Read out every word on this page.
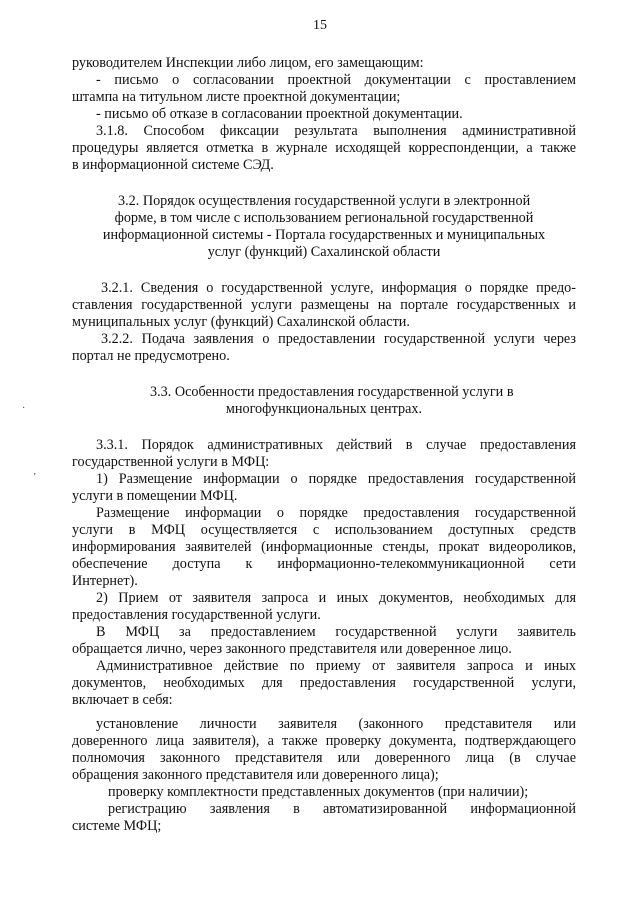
15
руководителем Инспекции либо лицом, его замещающим:
- письмо о согласовании проектной документации с проставлением
штампа на титульном листе проектной документации;
- письмо об отказе в согласовании проектной документации.
3.1.8. Способом фиксации результата выполнения административной
процедуры является отметка в журнале исходящей корреспонденции, а также
в информационной системе СЭД.
3.2. Порядок осуществления государственной услуги в электронной
форме, в том числе с использованием региональной государственной
информационной системы - Портала государственных и муниципальных
услуг (функций) Сахалинской области
3.2.1. Сведения о государственной услуге, информация о порядке предо-
ставления государственной услуги размещены на портале государственных и
муниципальных услуг (функций) Сахалинской области.
3.2.2. Подача заявления о предоставлении государственной услуги через
портал не предусмотрено.
3.3. Особенности предоставления государственной услуги в
многофункциональных центрах.
3.3.1. Порядок административных действий в случае предоставления
государственной услуги в МФЦ:
1) Размещение информации о порядке предоставления государственной
услуги в помещении МФЦ.
Размещение информации о порядке предоставления государственной
услуги в МФЦ осуществляется с использованием доступных средств
информирования заявителей (информационные стенды, прокат видеороликов,
обеспечение доступа к информационно-телекоммуникационной сети
Интернет).
2) Прием от заявителя запроса и иных документов, необходимых для
предоставления государственной услуги.
В МФЦ за предоставлением государственной услуги заявитель
обращается лично, через законного представителя или доверенное лицо.
Административное действие по приему от заявителя запроса и иных
документов, необходимых для предоставления государственной услуги,
включает в себя:
установление личности заявителя (законного представителя или
доверенного лица заявителя), а также проверку документа, подтверждающего
полномочия законного представителя или доверенного лица (в случае
обращения законного представителя или доверенного лица);
проверку комплектности представленных документов (при наличии);
регистрацию заявления в автоматизированной информационной
системе МФЦ;
·
ʼ
